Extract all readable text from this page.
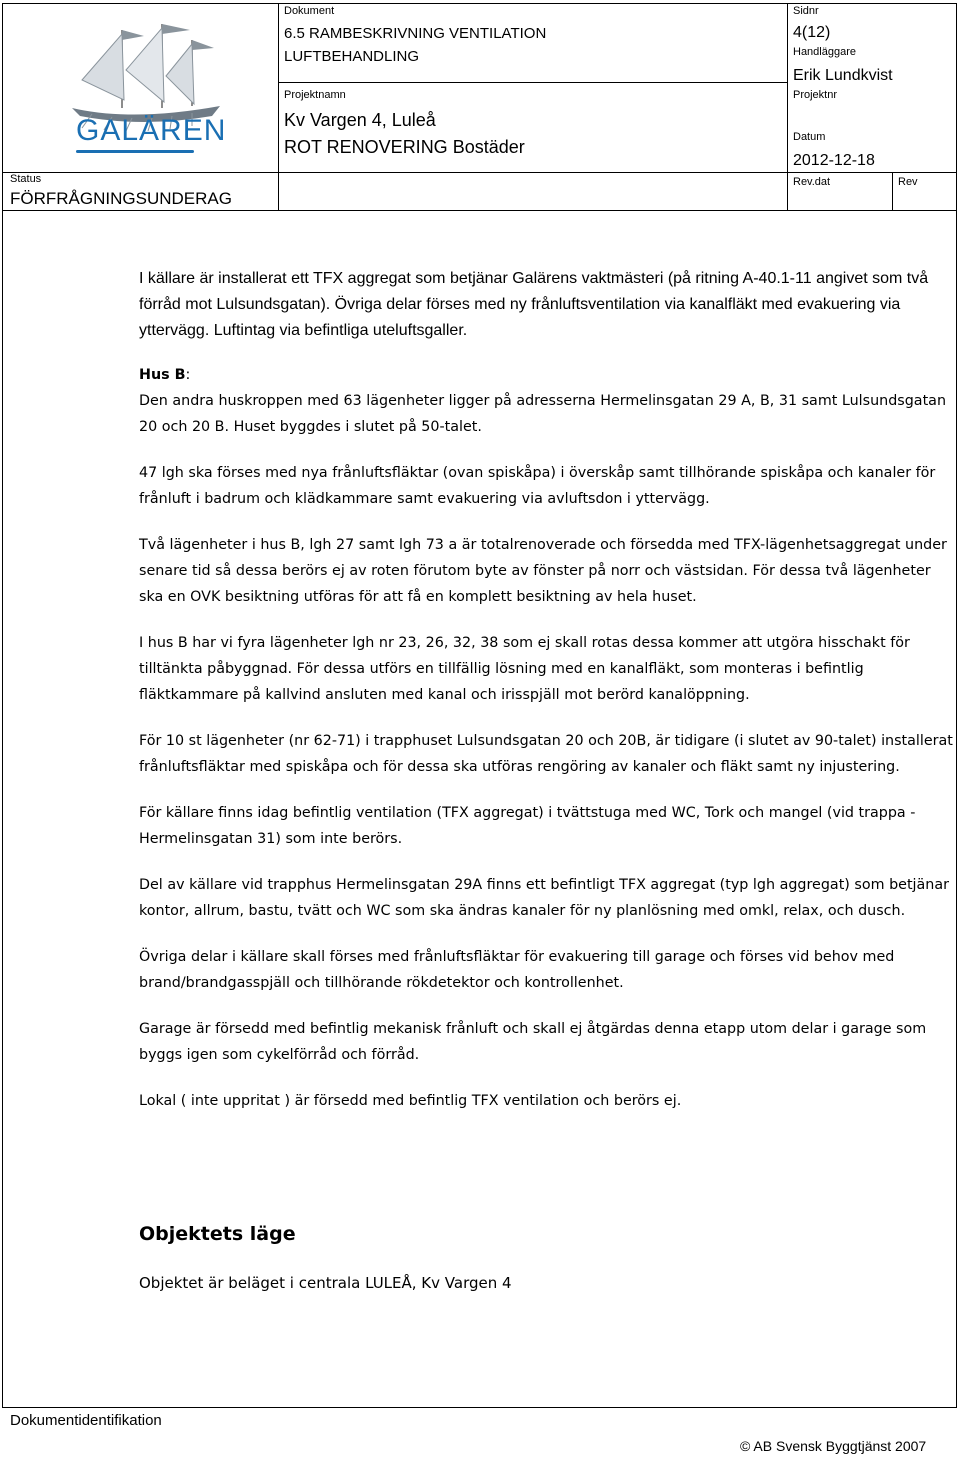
GALÄREN
Status
FÖRFRÅGNINGSUNDERAG
Dokument
6.5 RAMBESKRIVNING VENTILATION
LUFTBEHANDLING
Projektnamn
Kv Vargen 4, Luleå
ROT RENOVERING Bostäder
Sidnr
4(12)
Handläggare
Erik Lundkvist
Projektnr
Datum
2012-12-18
Rev.dat	Rev

I källare är installerat ett TFX aggregat som betjänar Galärens vaktmästeri (på ritning A-40.1-11 angivet som två förråd mot Lulsundsgatan). Övriga delar förses med ny frånluftsventilation via kanalfläkt med evakuering via yttervägg. Luftintag via befintliga uteluftsgaller.

Hus B:

Den andra huskroppen med 63 lägenheter ligger på adresserna Hermelinsgatan 29 A, B, 31 samt Lulsundsgatan 20 och 20 B. Huset byggdes i slutet på 50-talet.

47 lgh ska förses med nya frånluftsfläktar (ovan spiskåpa) i överskåp samt tillhörande spiskåpa och kanaler för frånluft i badrum och klädkammare samt evakuering via avluftsdon i yttervägg.

Två lägenheter i hus B, lgh 27 samt lgh 73 a är totalrenoverade och försedda med TFX-lägenhetsaggregat under senare tid så dessa berörs ej av roten förutom byte av fönster på norr och västsidan. För dessa två lägenheter ska en OVK besiktning utföras för att få en komplett besiktning av hela huset.

I hus B har vi fyra lägenheter lgh nr 23, 26, 32, 38 som ej skall rotas dessa kommer att utgöra hisschakt för tilltänkta påbyggnad. För dessa utförs en tillfällig lösning med en kanalfläkt, som monteras i befintlig fläktkammare på kallvind ansluten med kanal och irisspjäll mot berörd kanalöppning.

För 10 st lägenheter (nr 62-71) i trapphuset Lulsundsgatan 20 och 20B, är tidigare (i slutet av 90-talet) installerat frånluftsfläktar med spiskåpa och för dessa ska utföras rengöring av kanaler och fläkt samt ny injustering.

För källare finns idag befintlig ventilation (TFX aggregat) i tvättstuga med WC, Tork och mangel (vid trappa - Hermelinsgatan 31) som inte berörs.

Del av källare vid trapphus Hermelinsgatan 29A finns ett befintligt TFX aggregat (typ lgh aggregat) som betjänar kontor, allrum, bastu, tvätt och WC som ska ändras kanaler för ny planlösning med omkl, relax, och dusch.

Övriga delar i källare skall förses med frånluftsfläktar för evakuering till garage och förses vid behov med brand/brandgasspjäll och tillhörande rökdetektor och kontrollenhet.

Garage är försedd med befintlig mekanisk frånluft och skall ej åtgärdas denna etapp utom delar i garage som byggs igen som cykelförråd och förråd.

Lokal ( inte uppritat ) är försedd med befintlig TFX ventilation och berörs ej.

Objektets läge
Objektet är beläget i centrala LULEÅ, Kv Vargen 4
Dokumentidentifikation
© AB Svensk Byggtjänst 2007
